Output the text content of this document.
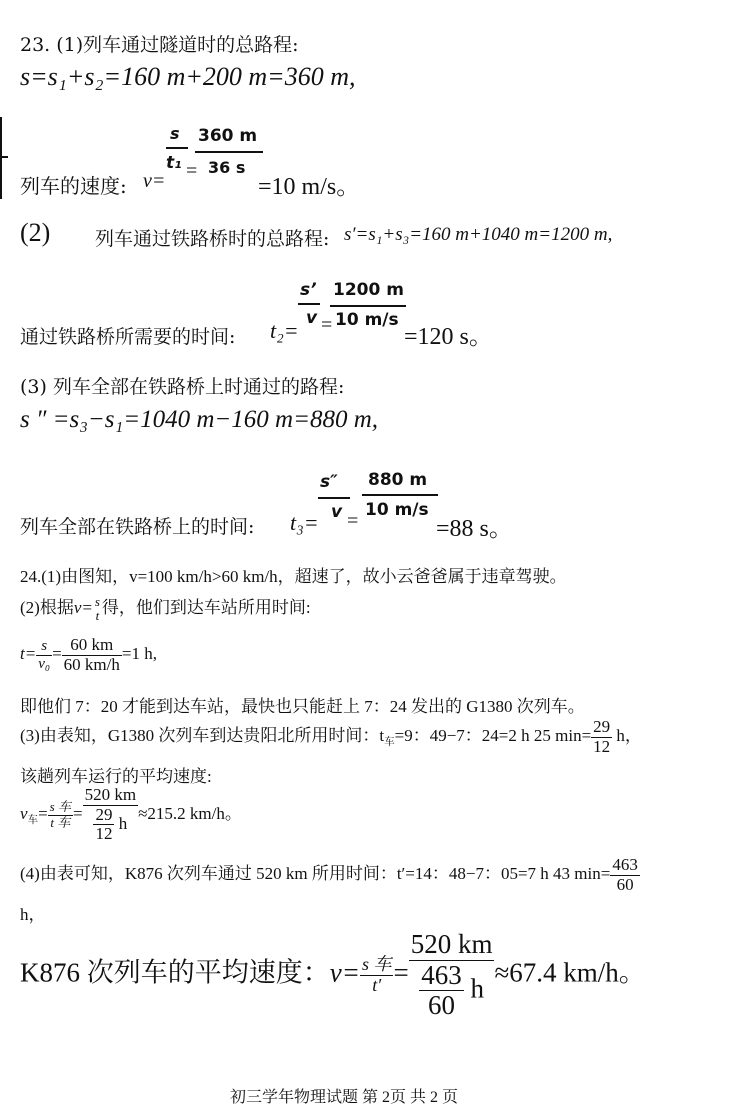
23. (1)列车通过隧道时的总路程:
s=s₁+s₂=160 m+200 m=360 m,
s 360 m
t₁ 36 s
列车的速度: v= =
=10 m/s。
(2) 列车通过铁路桥时的总路程: s′=s₁+s₃=160 m+1040 m=1200 m,
s’ 1200 m
v 10 m/s
通过铁路桥所需要的时间: t₂= =	=120 s。
(3) 列车全部在铁路桥上时通过的路程:
s ″ =s₃−s₁=1040 m−160 m=880 m,
s″ 880 m
v 10 m/s
列车全部在铁路桥上的时间: t₃= =	=88 s。
24.(1)由图知，v=100 km/h>60 km/h，超速了，故小云爸爸属于违章驾驶。
(2)根据v= s
t 得，他们到达车站所用时间:
$t= \frac{s}{\text{v₀}} = \frac{60 km}{60 km/h} =1$ h,
即他们 7：20 才能到达车站，最快也只能赶上 7：24 发出的 G1380 次列车。
(3)由表知，G1380 次列车到达贵阳北所用时间：$t_车=9$：49−7：24=2 h 25 $\min= \frac{29}{12}$ h，
该趟列车运行的平均速度:
$v_车= s$ 车
t 车 = $\frac{520 km}{\frac{29}{12} h} \approx 215.2$ km/h。
(4)由表可知，K876 次列车通过 520 km 所用时间：t′=14：48−7：05=7 h 43 $\min= \frac{463}{60}$
h，
K876 次列车的平均速度：v= s 车
$t' = \frac{520 km}{\frac{463}{60} h} \approx 67.4$ km/h。
初三学年物理试题 第 2页 共 2 页
